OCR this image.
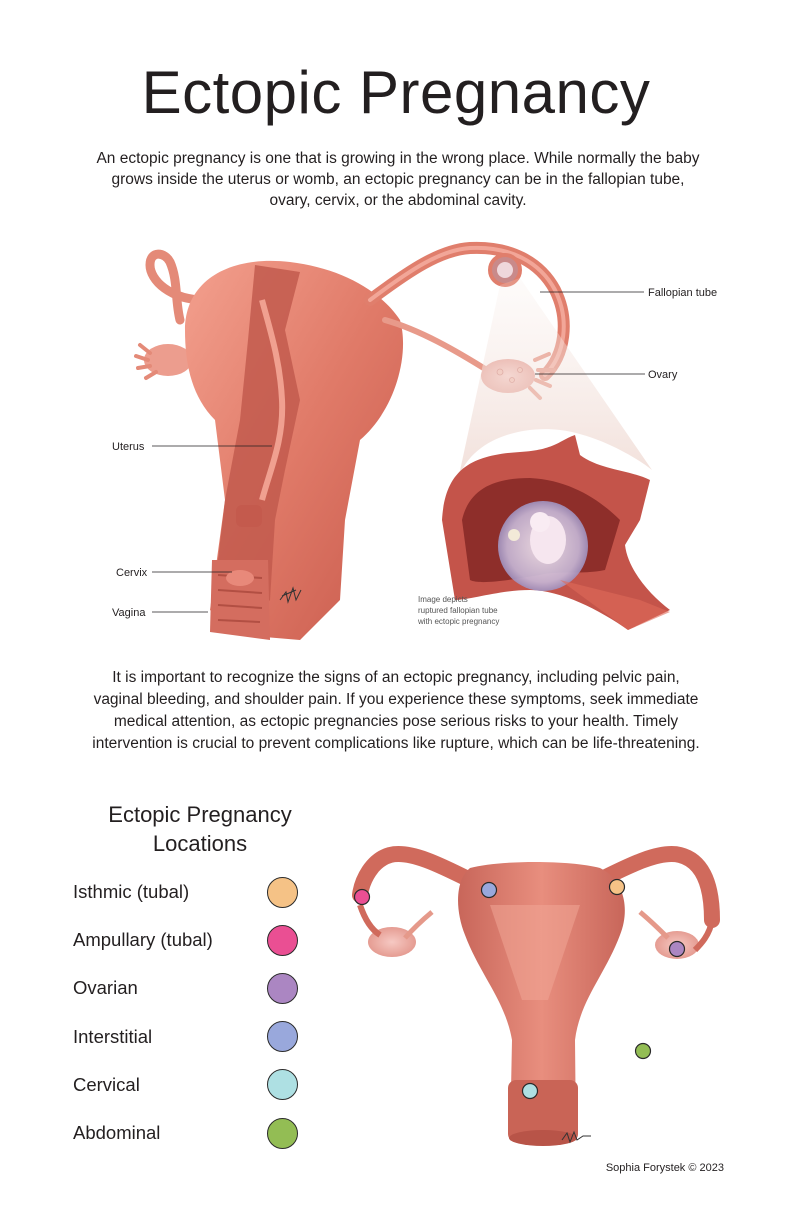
Ectopic Pregnancy
An ectopic pregnancy is one that is growing in the wrong place. While normally the baby grows inside the uterus or womb, an ectopic pregnancy can be in the fallopian tube, ovary, cervix, or the abdominal cavity.
Fallopian tube
Ovary
Uterus
Cervix
Vagina
Image depicts
ruptured fallopian tube
with ectopic pregnancy
It is important to recognize the signs of an ectopic pregnancy, including pelvic pain, vaginal bleeding, and shoulder pain. If you experience these symptoms, seek immediate medical attention, as ectopic pregnancies pose serious risks to your health. Timely intervention is crucial to prevent complications like rupture, which can be life-threatening.
Ectopic Pregnancy Locations
Isthmic (tubal)
Ampullary (tubal)
Ovarian
Interstitial
Cervical
Abdominal
Sophia Forystek © 2023
